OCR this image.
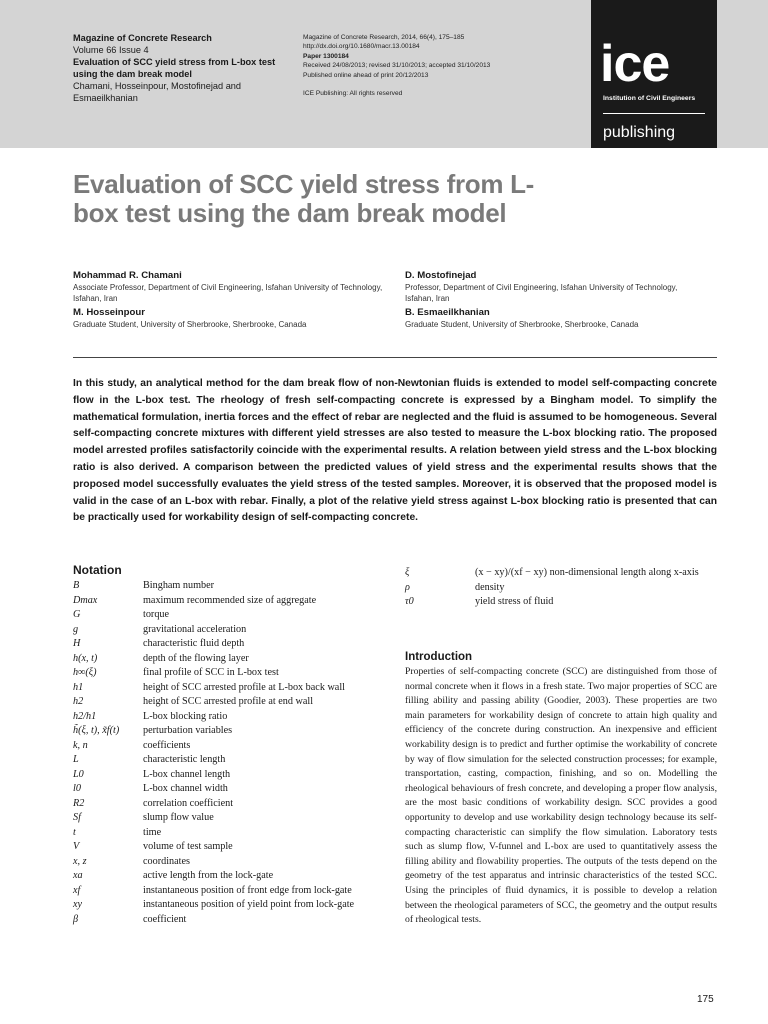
Magazine of Concrete Research
Volume 66 Issue 4
Evaluation of SCC yield stress from L-box test using the dam break model
Chamani, Hosseinpour, Mostofinejad and Esmaeilkhanian
Magazine of Concrete Research, 2014, 66(4), 175–185
http://dx.doi.org/10.1680/macr.13.00184
Paper 1300184
Received 24/08/2013; revised 31/10/2013; accepted 31/10/2013
Published online ahead of print 20/12/2013
ICE Publishing: All rights reserved
ice
Institution of Civil Engineers
publishing
Evaluation of SCC yield stress from L-box test using the dam break model
Mohammad R. Chamani
Associate Professor, Department of Civil Engineering, Isfahan University of Technology, Isfahan, Iran
M. Hosseinpour
Graduate Student, University of Sherbrooke, Sherbrooke, Canada
D. Mostofinejad
Professor, Department of Civil Engineering, Isfahan University of Technology, Isfahan, Iran
B. Esmaeilkhanian
Graduate Student, University of Sherbrooke, Sherbrooke, Canada

In this study, an analytical method for the dam break flow of non-Newtonian fluids is extended to model self-compacting concrete flow in the L-box test. The rheology of fresh self-compacting concrete is expressed by a Bingham model. To simplify the mathematical formulation, inertia forces and the effect of rebar are neglected and the fluid is assumed to be homogeneous. Several self-compacting concrete mixtures with different yield stresses are also tested to measure the L-box blocking ratio. The proposed model arrested profiles satisfactorily coincide with the experimental results. A relation between yield stress and the L-box blocking ratio is also derived. A comparison between the predicted values of yield stress and the experimental results shows that the proposed model successfully evaluates the yield stress of the tested samples. Moreover, it is observed that the proposed model is valid in the case of an L-box with rebar. Finally, a plot of the relative yield stress against L-box blocking ratio is presented that can be practically used for workability design of self-compacting concrete.

Notation
B	Bingham number
Dmax	maximum recommended size of aggregate
G	torque
g	gravitational acceleration
H	characteristic fluid depth
h(x, t)	depth of the flowing layer
h∞(ξ)	final profile of SCC in L-box test
h1	height of SCC arrested profile at L-box back wall
h2	height of SCC arrested profile at end wall
h2/h1	L-box blocking ratio
h̃(ξ, t), x̃f(t)	perturbation variables
k, n	coefficients
L	characteristic length
L0	L-box channel length
l0	L-box channel width
R2	correlation coefficient
Sf	slump flow value
t	time
V	volume of test sample
x, z	coordinates
xa	active length from the lock-gate
xf	instantaneous position of front edge from lock-gate
xy	instantaneous position of yield point from lock-gate
β	coefficient
ξ	(x − xy)/(xf − xy) non-dimensional length along x-axis
ρ	density
τ0	yield stress of fluid
Introduction

Properties of self-compacting concrete (SCC) are distinguished from those of normal concrete when it flows in a fresh state. Two major properties of SCC are filling ability and passing ability (Goodier, 2003). These properties are two main parameters for workability design of concrete to attain high quality and efficiency of the concrete during construction. An inexpensive and efficient workability design is to predict and further optimise the workability of concrete by way of flow simulation for the selected construction processes; for example, transportation, casting, compaction, finishing, and so on. Modelling the rheological behaviours of fresh concrete, and developing a proper flow analysis, are the most basic conditions of workability design. SCC provides a good opportunity to develop and use workability design technology because its self-compacting characteristic can simplify the flow simulation. Laboratory tests such as slump flow, V-funnel and L-box are used to quantitatively assess the filling ability and flowability properties. The outputs of the tests depend on the geometry of the test apparatus and intrinsic characteristics of the tested SCC. Using the principles of fluid dynamics, it is possible to develop a relation between the rheological parameters of SCC, the geometry and the output results of rheological tests.

175
